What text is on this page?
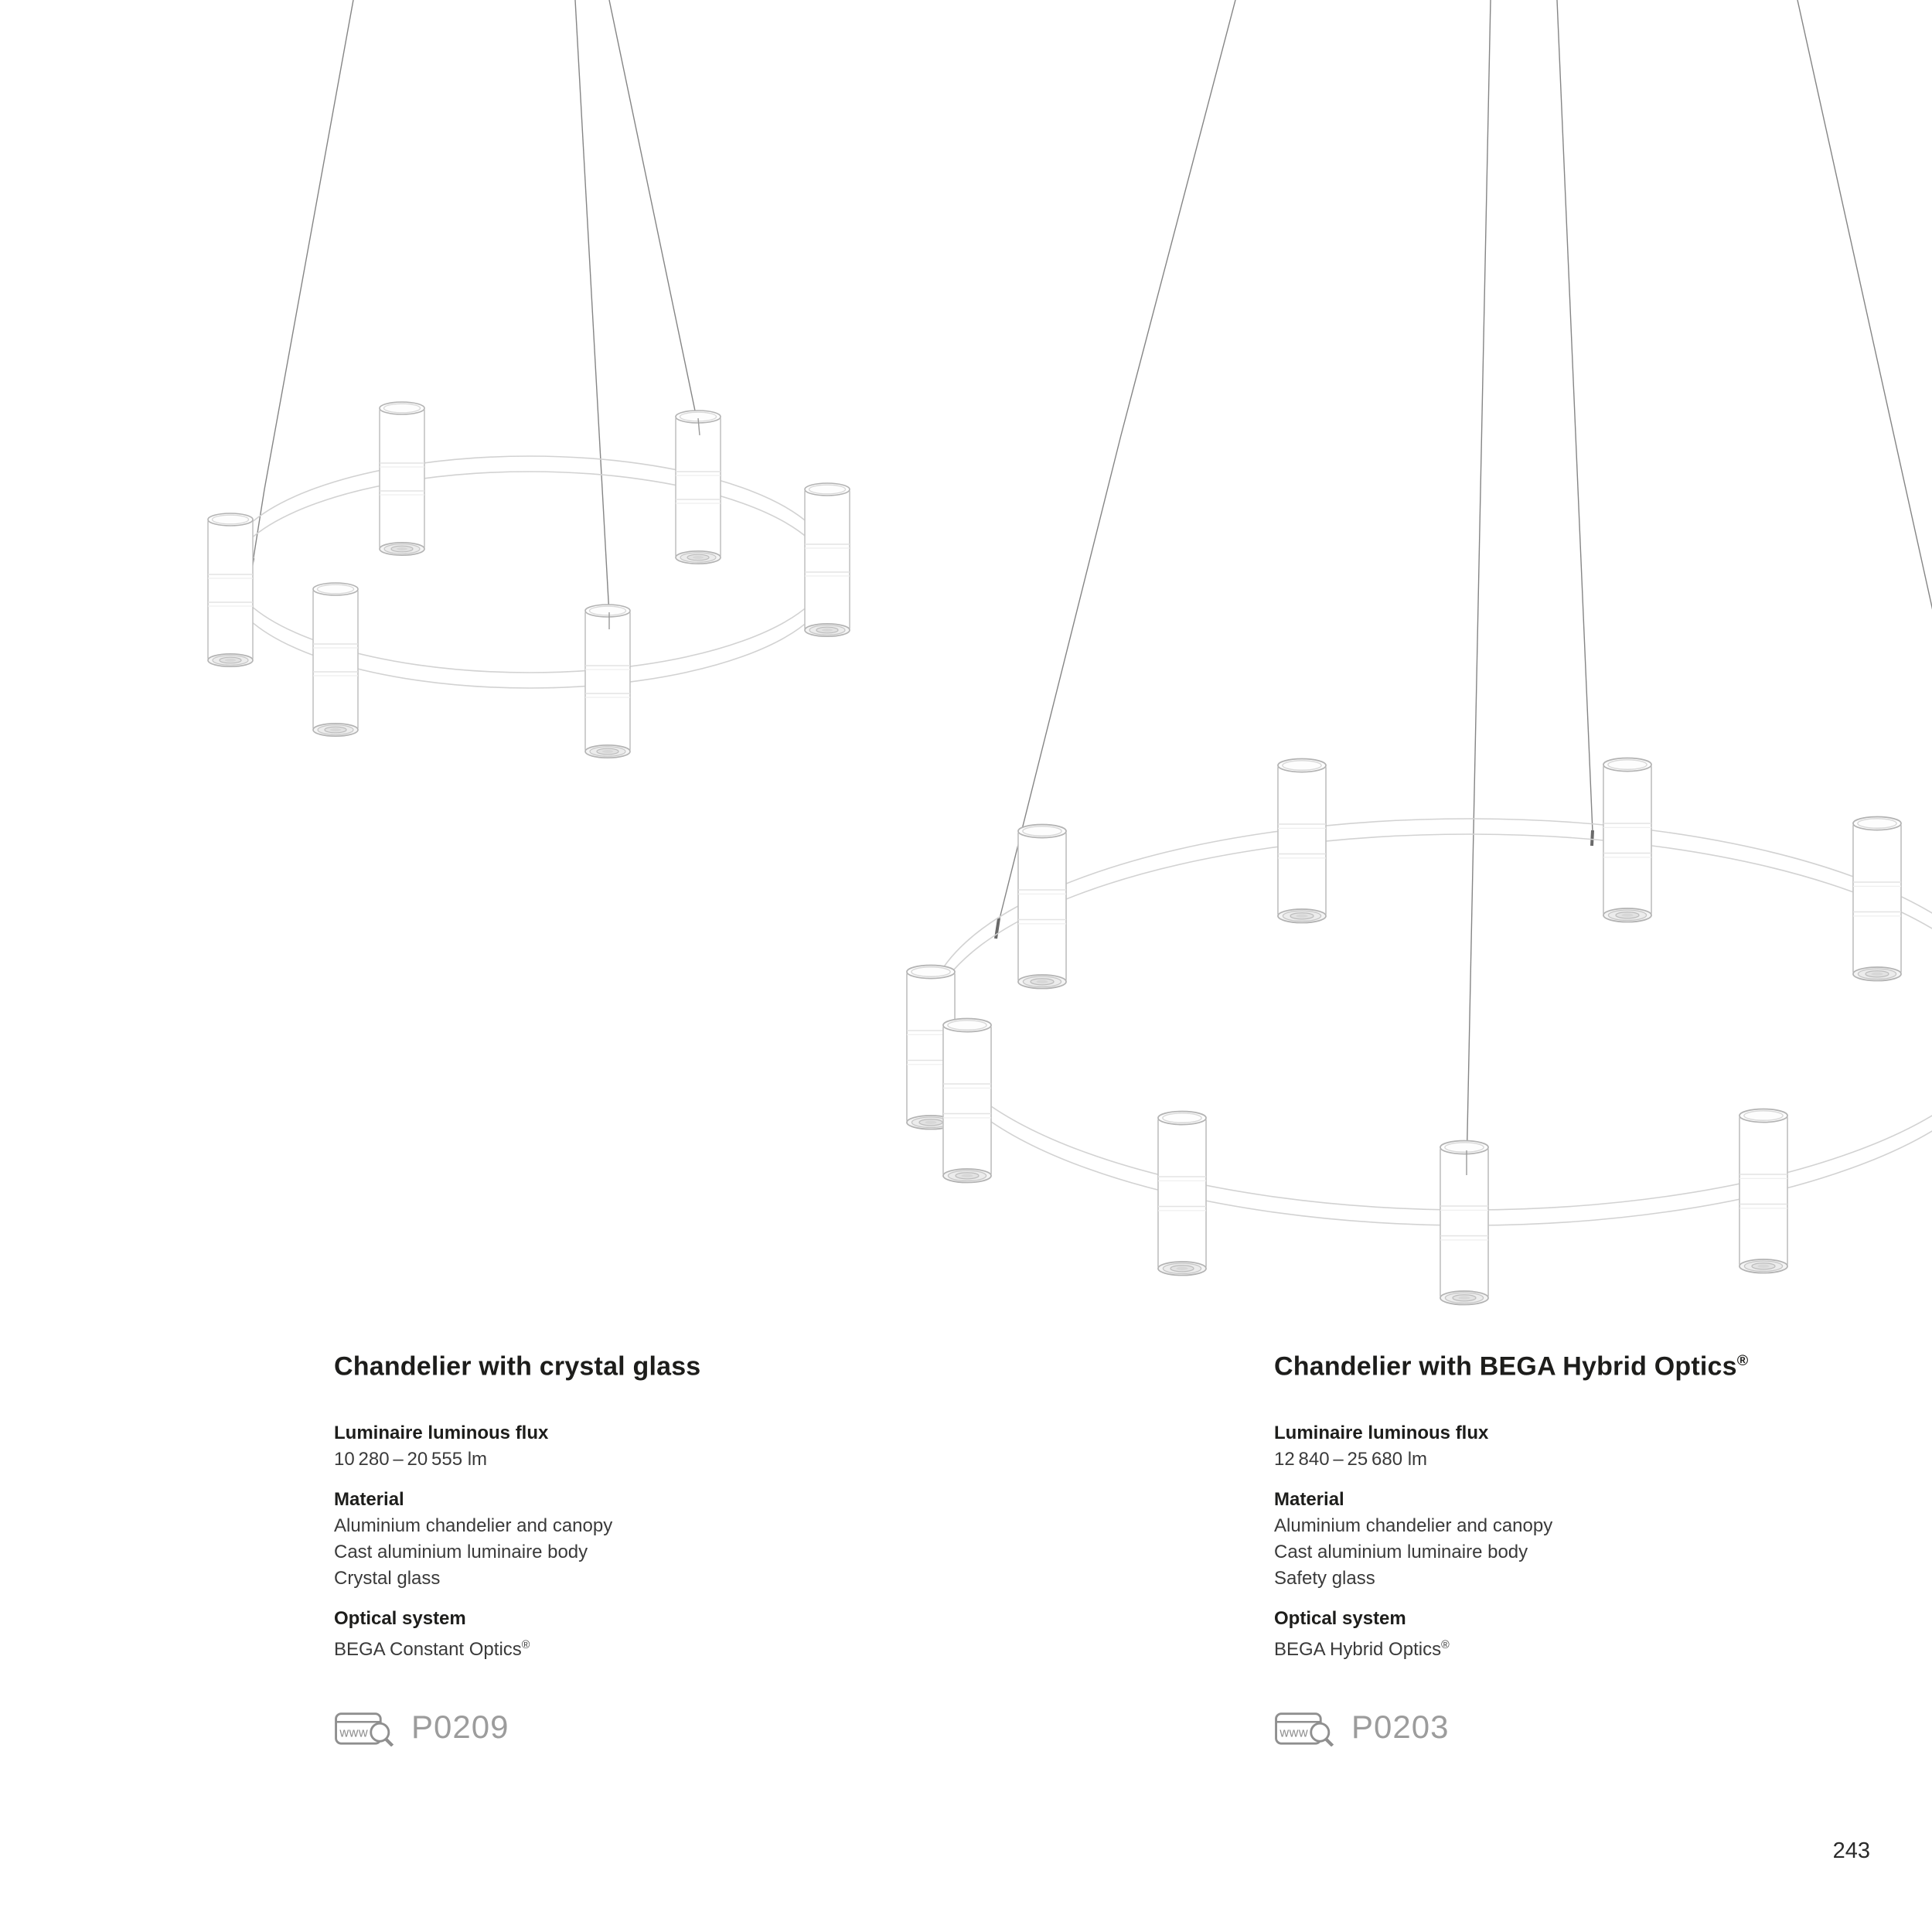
Chandelier with crystal glass
Luminaire luminous flux
10 280 – 20 555 lm
Material
Aluminium chandelier and canopy
Cast aluminium luminaire body
Crystal glass
Optical system
BEGA Constant Optics®
www P0209
Chandelier with BEGA Hybrid Optics®
Luminaire luminous flux
12 840 – 25 680 lm
Material
Aluminium chandelier and canopy
Cast aluminium luminaire body
Safety glass
Optical system
BEGA Hybrid Optics®
www P0203
243
